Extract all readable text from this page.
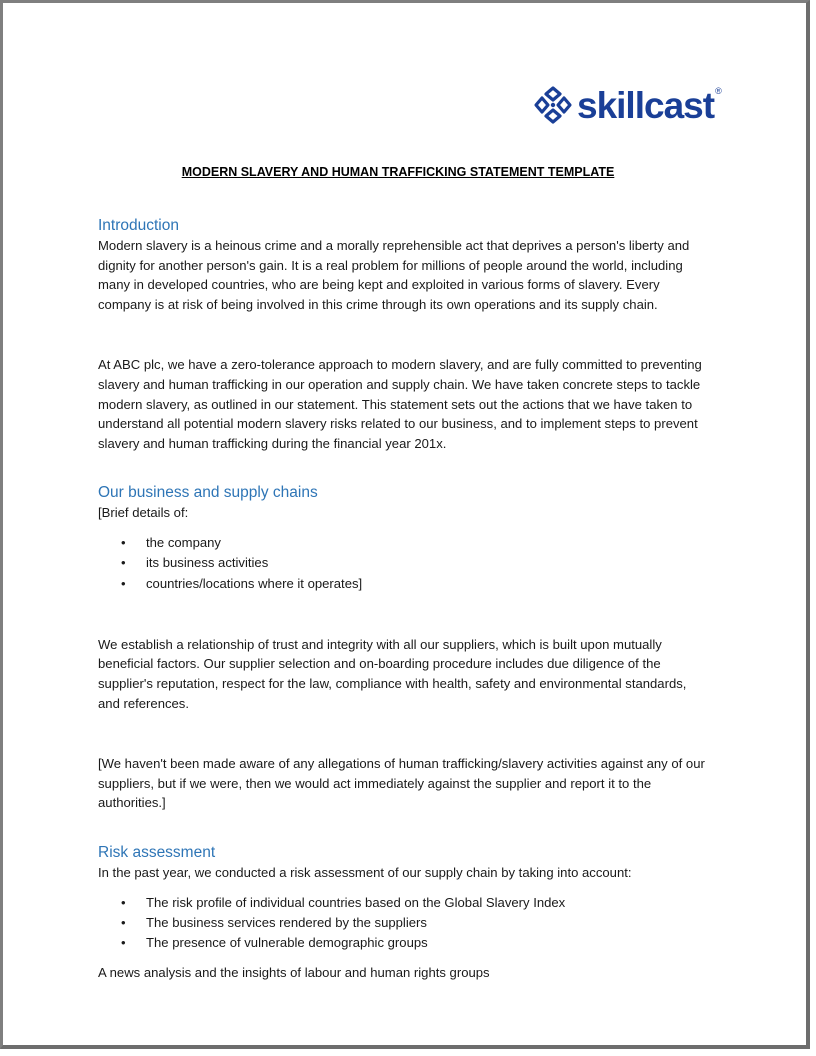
skillcast ®
MODERN SLAVERY AND HUMAN TRAFFICKING STATEMENT TEMPLATE
Introduction

Modern slavery is a heinous crime and a morally reprehensible act that deprives a person's liberty and dignity for another person's gain. It is a real problem for millions of people around the world, including many in developed countries, who are being kept and exploited in various forms of slavery. Every company is at risk of being involved in this crime through its own operations and its supply chain.

At ABC plc, we have a zero-tolerance approach to modern slavery, and are fully committed to preventing slavery and human trafficking in our operation and supply chain. We have taken concrete steps to tackle modern slavery, as outlined in our statement. This statement sets out the actions that we have taken to understand all potential modern slavery risks related to our business, and to implement steps to prevent slavery and human trafficking during the financial year 201x.

Our business and supply chains

[Brief details of:

• the company
• its business activities
• countries/locations where it operates]

We establish a relationship of trust and integrity with all our suppliers, which is built upon mutually beneficial factors. Our supplier selection and on-boarding procedure includes due diligence of the supplier's reputation, respect for the law, compliance with health, safety and environmental standards, and references.

[We haven't been made aware of any allegations of human trafficking/slavery activities against any of our suppliers, but if we were, then we would act immediately against the supplier and report it to the authorities.]

Risk assessment

In the past year, we conducted a risk assessment of our supply chain by taking into account:

• The risk profile of individual countries based on the Global Slavery Index
• The business services rendered by the suppliers
• The presence of vulnerable demographic groups

A news analysis and the insights of labour and human rights groups
